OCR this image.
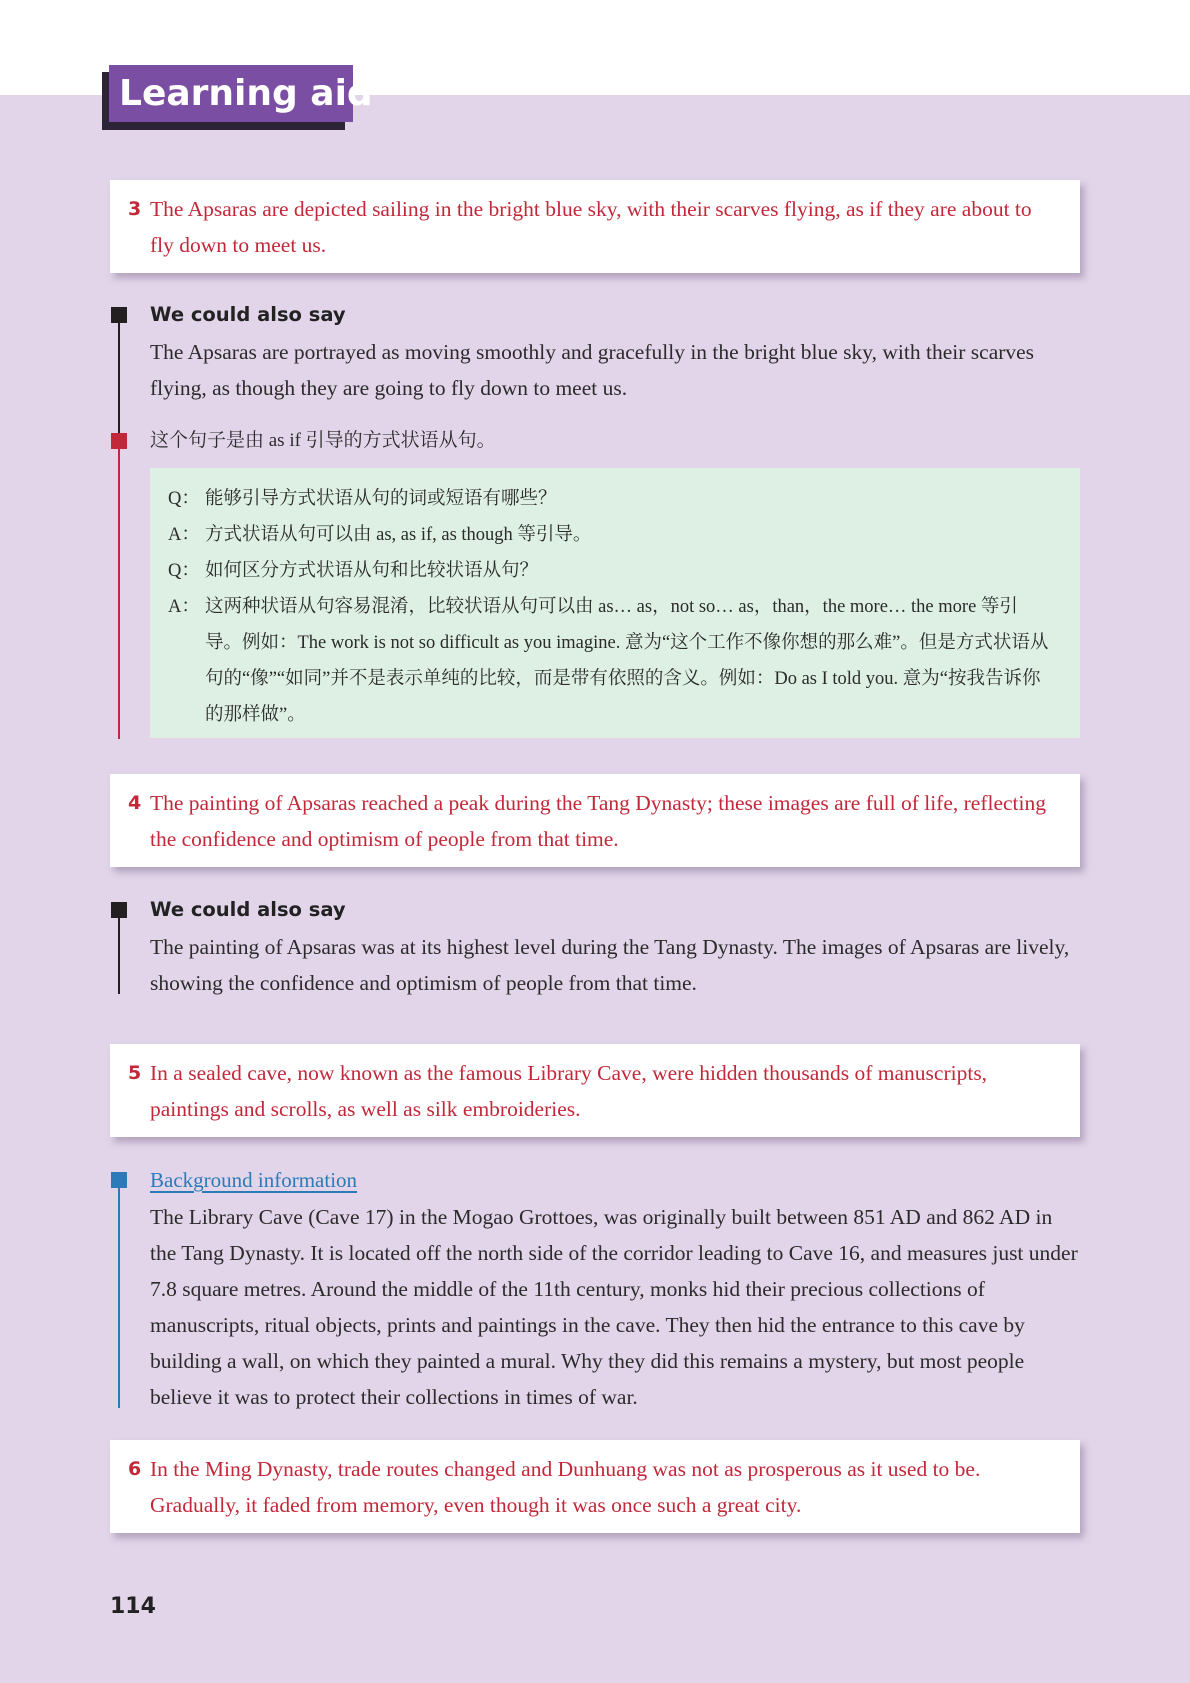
Learning aid
3 The Apsaras are depicted sailing in the bright blue sky, with their scarves flying, as if they are about to fly down to meet us.
We could also say
The Apsaras are portrayed as moving smoothly and gracefully in the bright blue sky, with their scarves flying, as though they are going to fly down to meet us.
这个句子是由 as if 引导的方式状语从句。
Q： 能够引导方式状语从句的词或短语有哪些？
A： 方式状语从句可以由 as, as if, as though 等引导。
Q： 如何区分方式状语从句和比较状语从句？
A： 这两种状语从句容易混淆，比较状语从句可以由 as… as，not so… as，than，the more… the more 等引导。例如：The work is not so difficult as you imagine. 意为“这个工作不像你想的那么难”。但是方式状语从句的“像”“如同”并不是表示单纯的比较，而是带有依照的含义。例如：Do as I told you. 意为“按我告诉你的那样做”。
4 The painting of Apsaras reached a peak during the Tang Dynasty; these images are full of life, reflecting the confidence and optimism of people from that time.
We could also say
The painting of Apsaras was at its highest level during the Tang Dynasty. The images of Apsaras are lively, showing the confidence and optimism of people from that time.
5 In a sealed cave, now known as the famous Library Cave, were hidden thousands of manuscripts, paintings and scrolls, as well as silk embroideries.
Background information
The Library Cave (Cave 17) in the Mogao Grottoes, was originally built between 851 AD and 862 AD in the Tang Dynasty. It is located off the north side of the corridor leading to Cave 16, and measures just under 7.8 square metres. Around the middle of the 11th century, monks hid their precious collections of manuscripts, ritual objects, prints and paintings in the cave. They then hid the entrance to this cave by building a wall, on which they painted a mural. Why they did this remains a mystery, but most people believe it was to protect their collections in times of war.
6 In the Ming Dynasty, trade routes changed and Dunhuang was not as prosperous as it used to be. Gradually, it faded from memory, even though it was once such a great city.
114
